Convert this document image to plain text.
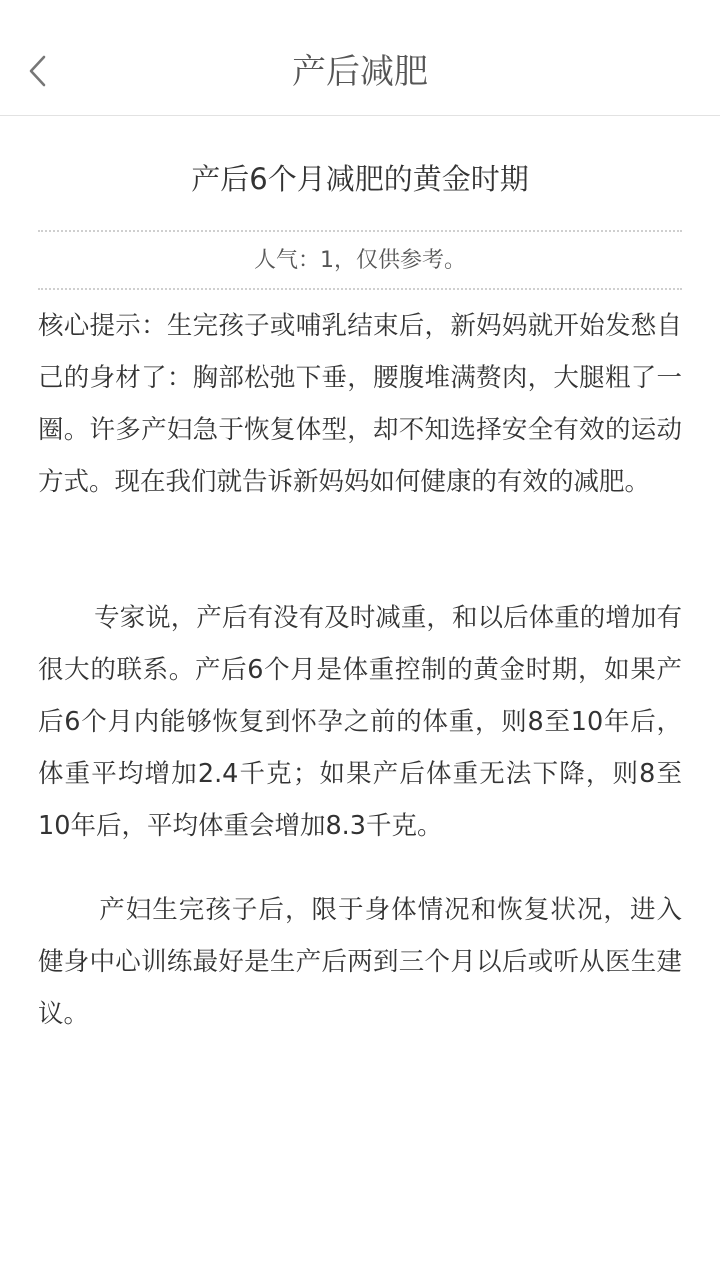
产后减肥
产后6个月减肥的黄金时期
人气：1，仅供参考。

核心提示：生完孩子或哺乳结束后，新妈妈就开始发愁自己的身材了：胸部松弛下垂，腰腹堆满赘肉，大腿粗了一圈。许多产妇急于恢复体型，却不知选择安全有效的运动方式。现在我们就告诉新妈妈如何健康的有效的减肥。

专家说，产后有没有及时减重，和以后体重的增加有很大的联系。产后6个月是体重控制的黄金时期，如果产后6个月内能够恢复到怀孕之前的体重，则8至10年后，体重平均增加2.4千克；如果产后体重无法下降，则8至10年后，平均体重会增加8.3千克。

产妇生完孩子后，限于身体情况和恢复状况，进入健身中心训练最好是生产后两到三个月以后或听从医生建议。
